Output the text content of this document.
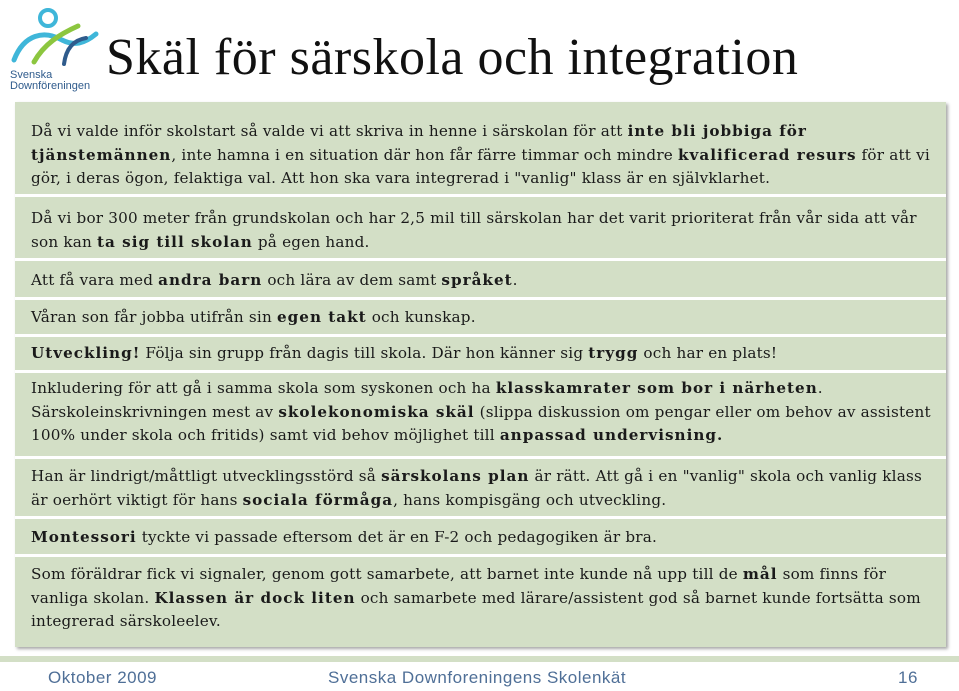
Svenska
Downföreningen Skäl för särskola och integration
Då vi valde inför skolstart så valde vi att skriva in henne i särskolan för att inte bli jobbiga för tjänstemännen, inte hamna i en situation där hon får färre timmar och mindre kvalificerad resurs för att vi gör, i deras ögon, felaktiga val. Att hon ska vara integrerad i "vanlig" klass är en självklarhet.
Då vi bor 300 meter från grundskolan och har 2,5 mil till särskolan har det varit prioriterat från vår sida att vår son kan ta sig till skolan på egen hand.
Att få vara med andra barn och lära av dem samt språket.
Våran son får jobba utifrån sin egen takt och kunskap.
Utveckling! Följa sin grupp från dagis till skola. Där hon känner sig trygg och har en plats!
Inkludering för att gå i samma skola som syskonen och ha klasskamrater som bor i närheten. Särskoleinskrivningen mest av skolekonomiska skäl (slippa diskussion om pengar eller om behov av assistent 100% under skola och fritids) samt vid behov möjlighet till anpassad undervisning.
Han är lindrigt/måttligt utvecklingsstörd så särskolans plan är rätt. Att gå i en "vanlig" skola och vanlig klass är oerhört viktigt för hans sociala förmåga, hans kompisgäng och utveckling.
Montessori tyckte vi passade eftersom det är en F-2 och pedagogiken är bra.
Som föräldrar fick vi signaler, genom gott samarbete, att barnet inte kunde nå upp till de mål som finns för vanliga skolan. Klassen är dock liten och samarbete med lärare/assistent god så barnet kunde fortsätta som integrerad särskoleelev.
Oktober 2009	Svenska Downforeningens Skolenkät	16
